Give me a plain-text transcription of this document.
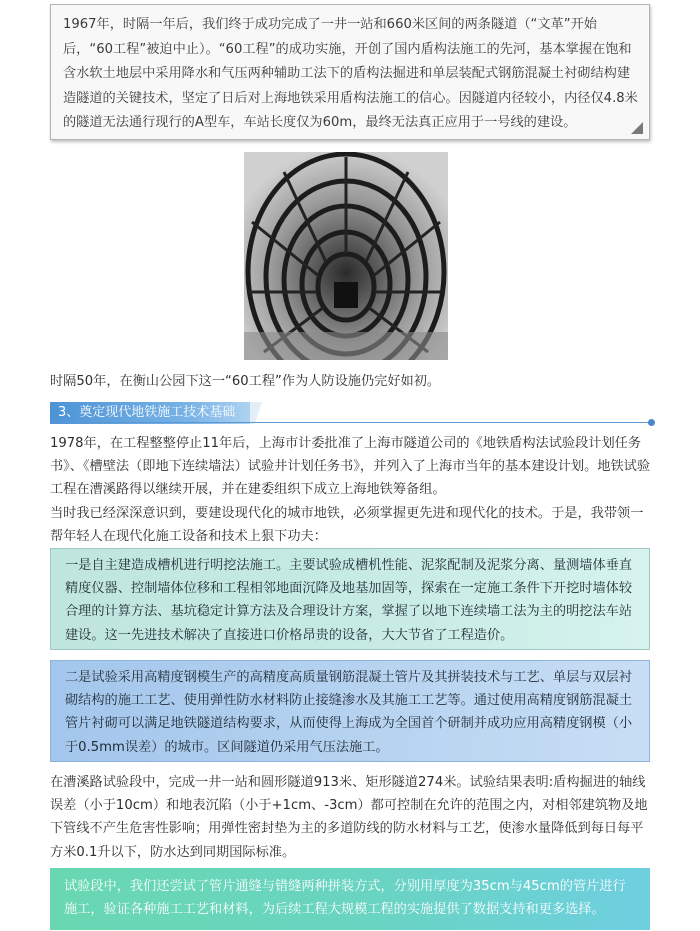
1967年，时隔一年后，我们终于成功完成了一井一站和660米区间的两条隧道（“文革”开始后，“60工程”被迫中止）。“60工程”的成功实施，开创了国内盾构法施工的先河，基本掌握在饱和含水软土地层中采用降水和气压两种辅助工法下的盾构法掘进和单层装配式钢筋混凝土衬砌结构建造隧道的关键技术，坚定了日后对上海地铁采用盾构法施工的信心。因隧道内径较小，内径仅4.8米的隧道无法通行现行的A型车，车站长度仅为60m，最终无法真正应用于一号线的建设。
时隔50年，在衡山公园下这一“60工程”作为人防设施仍完好如初。
3、奠定现代地铁施工技术基础
1978年，在工程整整停止11年后，上海市计委批准了上海市隧道公司的《地铁盾构法试验段计划任务书》、《槽壁法（即地下连续墙法）试验井计划任务书》，并列入了上海市当年的基本建设计划。地铁试验工程在漕溪路得以继续开展，并在建委组织下成立上海地铁筹备组。
当时我已经深深意识到，要建设现代化的城市地铁，必须掌握更先进和现代化的技术。于是，我带领一帮年轻人在现代化施工设备和技术上狠下功夫：
一是自主建造成槽机进行明挖法施工。主要试验成槽机性能、泥浆配制及泥浆分离、量测墙体垂直精度仪器、控制墙体位移和工程相邻地面沉降及地基加固等，探索在一定施工条件下开挖时墙体较合理的计算方法、基坑稳定计算方法及合理设计方案，掌握了以地下连续墙工法为主的明挖法车站建设。这一先进技术解决了直接进口价格昂贵的设备，大大节省了工程造价。
二是试验采用高精度钢模生产的高精度高质量钢筋混凝土管片及其拼装技术与工艺、单层与双层衬砌结构的施工工艺、使用弹性防水材料防止接缝渗水及其施工工艺等。通过使用高精度钢筋混凝土管片衬砌可以满足地铁隧道结构要求，从而使得上海成为全国首个研制并成功应用高精度钢模（小于0.5mm误差）的城市。区间隧道仍采用气压法施工。
在漕溪路试验段中，完成一井一站和圆形隧道913米、矩形隧道274米。试验结果表明:盾构掘进的轴线误差（小于10cm）和地表沉陷（小于+1cm、-3cm）都可控制在允许的范围之内，对相邻建筑物及地下管线不产生危害性影响；用弹性密封垫为主的多道防线的防水材料与工艺，使渗水量降低到每日每平方米0.1升以下，防水达到同期国际标准。
试验段中，我们还尝试了管片通缝与错缝两种拼装方式，分别用厚度为35cm与45cm的管片进行施工，验证各种施工工艺和材料，为后续工程大规模工程的实施提供了数据支持和更多选择。
